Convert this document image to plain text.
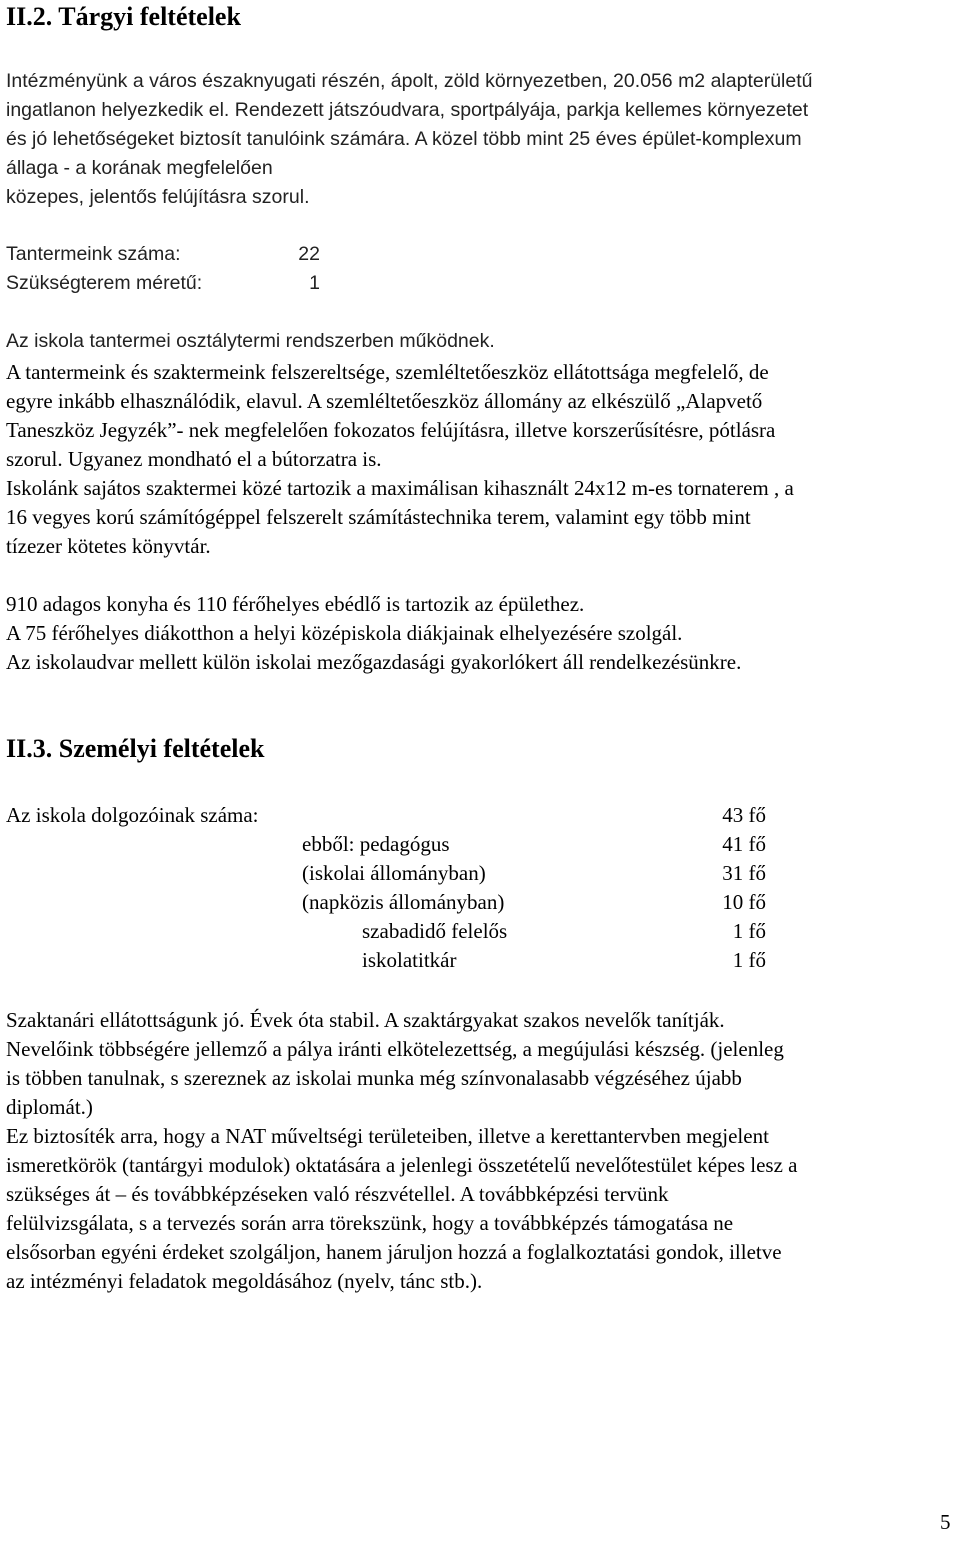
II.2. Tárgyi feltételek
Intézményünk a város északnyugati részén, ápolt, zöld környezetben, 20.056 m2 alapterületű
ingatlanon helyezkedik el. Rendezett játszóudvara, sportpályája, parkja kellemes környezetet
és jó lehetőségeket biztosít tanulóink számára. A közel több mint 25 éves épület-komplexum
állaga - a korának megfelelően
közepes, jelentős felújításra szorul.
Tantermeink száma:	22
Szükségterem méretű:	1
Az iskola tantermei osztálytermi rendszerben működnek.
A tantermeink és szaktermeink felszereltsége, szemléltetőeszköz ellátottsága megfelelő, de
egyre inkább elhasználódik, elavul. A szemléltetőeszköz állomány az elkészülő „Alapvető
Taneszköz Jegyzék”- nek megfelelően fokozatos felújításra, illetve korszerűsítésre, pótlásra
szorul. Ugyanez mondható el a bútorzatra is.
Iskolánk sajátos szaktermei közé tartozik a maximálisan kihasznált 24x12 m-es tornaterem , a
16 vegyes korú számítógéppel felszerelt számítástechnika terem, valamint egy több mint
tízezer kötetes könyvtár.
910 adagos konyha és 110 férőhelyes ebédlő is tartozik az épülethez.
A 75 férőhelyes diákotthon a helyi középiskola diákjainak elhelyezésére szolgál.
Az iskolaudvar mellett külön iskolai mezőgazdasági gyakorlókert áll rendelkezésünkre.
II.3. Személyi feltételek
Az iskola dolgozóinak száma:	43 fő
ebből: pedagógus	41 fő
(iskolai állományban)	31 fő
(napközis állományban)	10 fő
szabadidő felelős	1 fő
iskolatitkár	1 fő
Szaktanári ellátottságunk jó. Évek óta stabil. A szaktárgyakat szakos nevelők tanítják.
Nevelőink többségére jellemző a pálya iránti elkötelezettség, a megújulási készség. (jelenleg
is többen tanulnak, s szereznek az iskolai munka még színvonalasabb végzéséhez újabb
diplomát.)
Ez biztosíték arra, hogy a NAT műveltségi területeiben, illetve a kerettantervben megjelent
ismeretkörök (tantárgyi modulok) oktatására a jelenlegi összetételű nevelőtestület képes lesz a
szükséges át – és továbbképzéseken való részvétellel. A továbbképzési tervünk
felülvizsgálata, s a tervezés során arra törekszünk, hogy a továbbképzés támogatása ne
elsősorban egyéni érdeket szolgáljon, hanem járuljon hozzá a foglalkoztatási gondok, illetve
az intézményi feladatok megoldásához (nyelv, tánc stb.).
5
